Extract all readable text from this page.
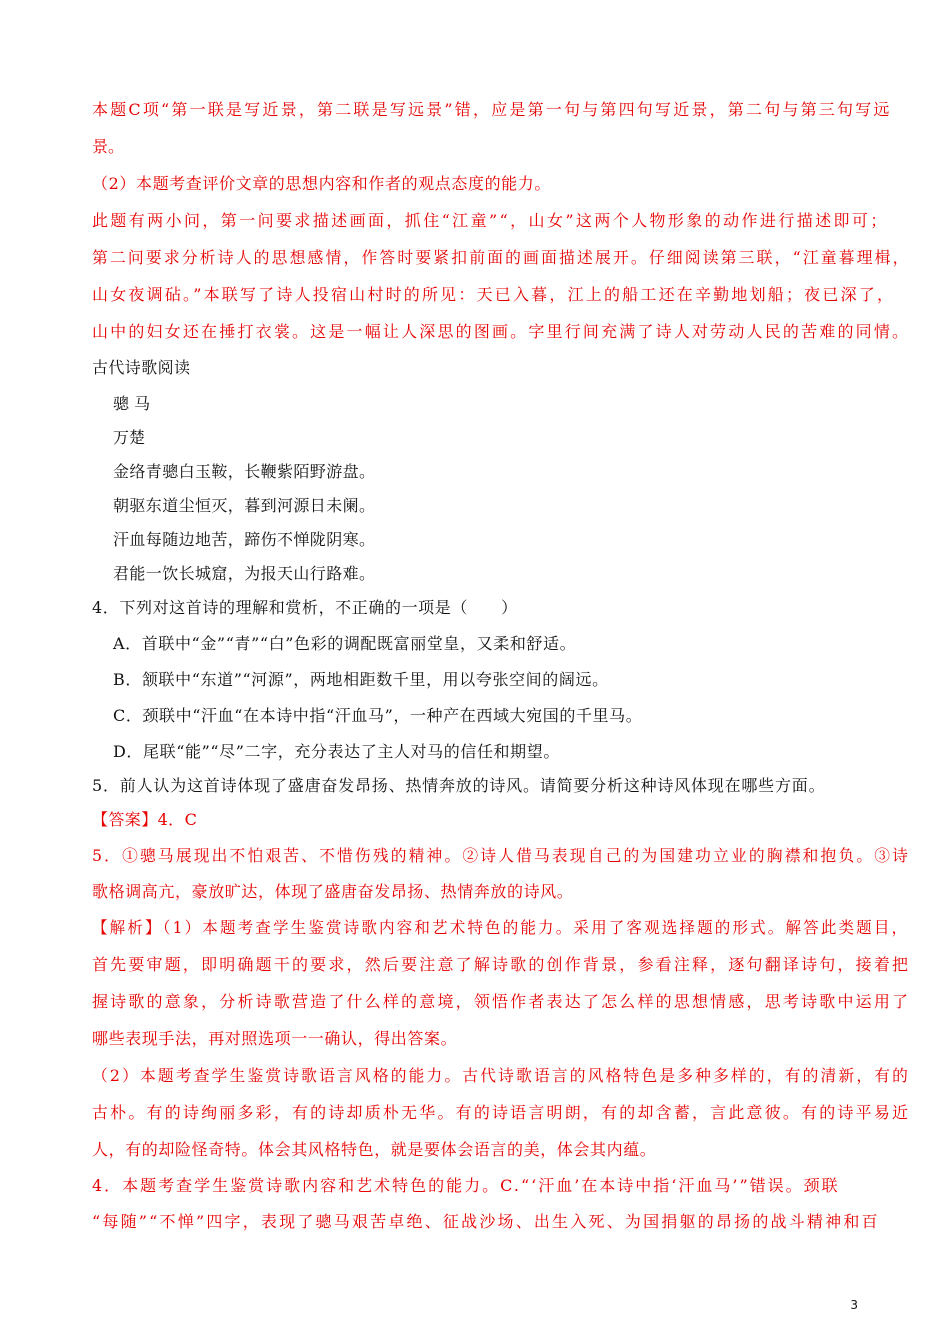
本题C项“第一联是写近景，第二联是写远景”错，应是第一句与第四句写近景，第二句与第三句写远
景。
（2）本题考查评价文章的思想内容和作者的观点态度的能力。
此题有两小问，第一问要求描述画面，抓住“江童”“，山女”这两个人物形象的动作进行描述即可；
第二问要求分析诗人的思想感情，作答时要紧扣前面的画面描述展开。仔细阅读第三联，“江童暮理楫，
山女夜调砧。”本联写了诗人投宿山村时的所见：天已入暮，江上的船工还在辛勤地划船；夜已深了，
山中的妇女还在捶打衣裳。这是一幅让人深思的图画。字里行间充满了诗人对劳动人民的苦难的同情。
古代诗歌阅读
骢 马
万楚
金络青骢白玉鞍，长鞭紫陌野游盘。
朝驱东道尘恒灭，暮到河源日未阑。
汗血每随边地苦，蹄伤不惮陇阴寒。
君能一饮长城窟，为报天山行路难。
4．下列对这首诗的理解和赏析，不正确的一项是（　　）
A．首联中“金”“青”“白”色彩的调配既富丽堂皇，又柔和舒适。
B．颔联中“东道”“河源”，两地相距数千里，用以夸张空间的阔远。
C．颈联中“汗血“在本诗中指“汗血马”，一种产在西域大宛国的千里马。
D．尾联“能”“尽”二字，充分表达了主人对马的信任和期望。
5．前人认为这首诗体现了盛唐奋发昂扬、热情奔放的诗风。请简要分析这种诗风体现在哪些方面。
【答案】4．C
5．①骢马展现出不怕艰苦、不惜伤残的精神。②诗人借马表现自己的为国建功立业的胸襟和抱负。③诗
歌格调高亢，豪放旷达，体现了盛唐奋发昂扬、热情奔放的诗风。
【解析】（1）本题考查学生鉴赏诗歌内容和艺术特色的能力。采用了客观选择题的形式。解答此类题目，
首先要审题，即明确题干的要求，然后要注意了解诗歌的创作背景，参看注释，逐句翻译诗句，接着把
握诗歌的意象，分析诗歌营造了什么样的意境，领悟作者表达了怎么样的思想情感，思考诗歌中运用了
哪些表现手法，再对照选项一一确认，得出答案。
（2）本题考查学生鉴赏诗歌语言风格的能力。古代诗歌语言的风格特色是多种多样的，有的清新，有的
古朴。有的诗绚丽多彩，有的诗却质朴无华。有的诗语言明朗，有的却含蓄，言此意彼。有的诗平易近
人，有的却险怪奇特。体会其风格特色，就是要体会语言的美，体会其内蕴。
4．本题考查学生鉴赏诗歌内容和艺术特色的能力。C.“‘汗血’在本诗中指‘汗血马’”错误。颈联
“每随”“不惮”四字，表现了骢马艰苦卓绝、征战沙场、出生入死、为国捐躯的昂扬的战斗精神和百
3
